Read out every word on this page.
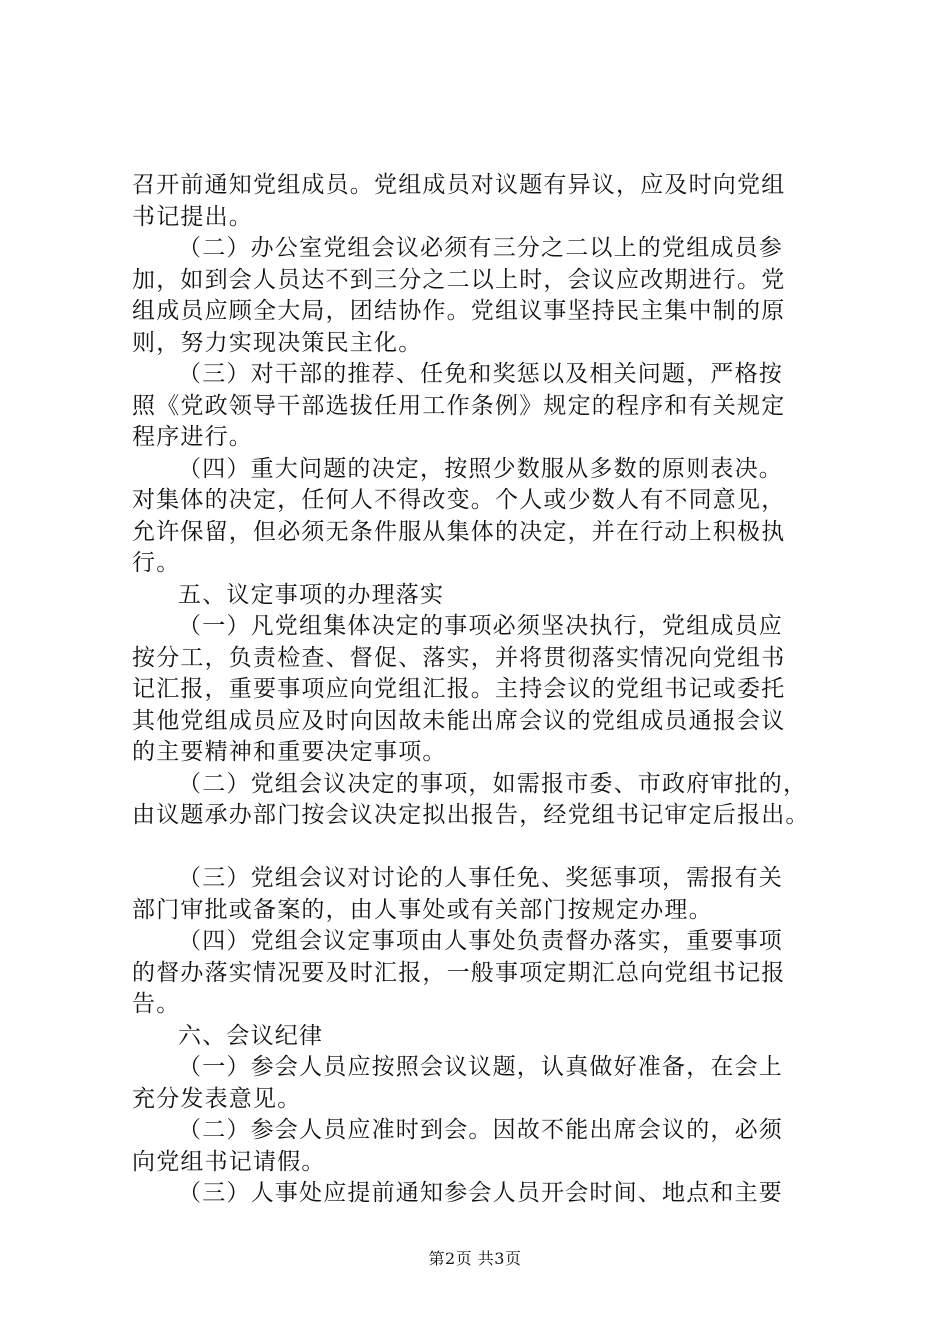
召开前通知党组成员。党组成员对议题有异议，应及时向党组
书记提出。
（二）办公室党组会议必须有三分之二以上的党组成员参
加，如到会人员达不到三分之二以上时，会议应改期进行。党
组成员应顾全大局，团结协作。党组议事坚持民主集中制的原
则，努力实现决策民主化。
（三）对干部的推荐、任免和奖惩以及相关问题，严格按
照《党政领导干部选拔任用工作条例》规定的程序和有关规定
程序进行。
（四）重大问题的决定，按照少数服从多数的原则表决。
对集体的决定，任何人不得改变。个人或少数人有不同意见，
允许保留，但必须无条件服从集体的决定，并在行动上积极执
行。
五、议定事项的办理落实
（一）凡党组集体决定的事项必须坚决执行，党组成员应
按分工，负责检查、督促、落实，并将贯彻落实情况向党组书
记汇报，重要事项应向党组汇报。主持会议的党组书记或委托
其他党组成员应及时向因故未能出席会议的党组成员通报会议
的主要精神和重要决定事项。
（二）党组会议决定的事项，如需报市委、市政府审批的，
由议题承办部门按会议决定拟出报告，经党组书记审定后报出。
（三）党组会议对讨论的人事任免、奖惩事项，需报有关
部门审批或备案的，由人事处或有关部门按规定办理。
（四）党组会议定事项由人事处负责督办落实，重要事项
的督办落实情况要及时汇报，一般事项定期汇总向党组书记报
告。
六、会议纪律
（一）参会人员应按照会议议题，认真做好准备，在会上
充分发表意见。
（二）参会人员应准时到会。因故不能出席会议的，必须
向党组书记请假。
（三）人事处应提前通知参会人员开会时间、地点和主要
第2页 共3页
